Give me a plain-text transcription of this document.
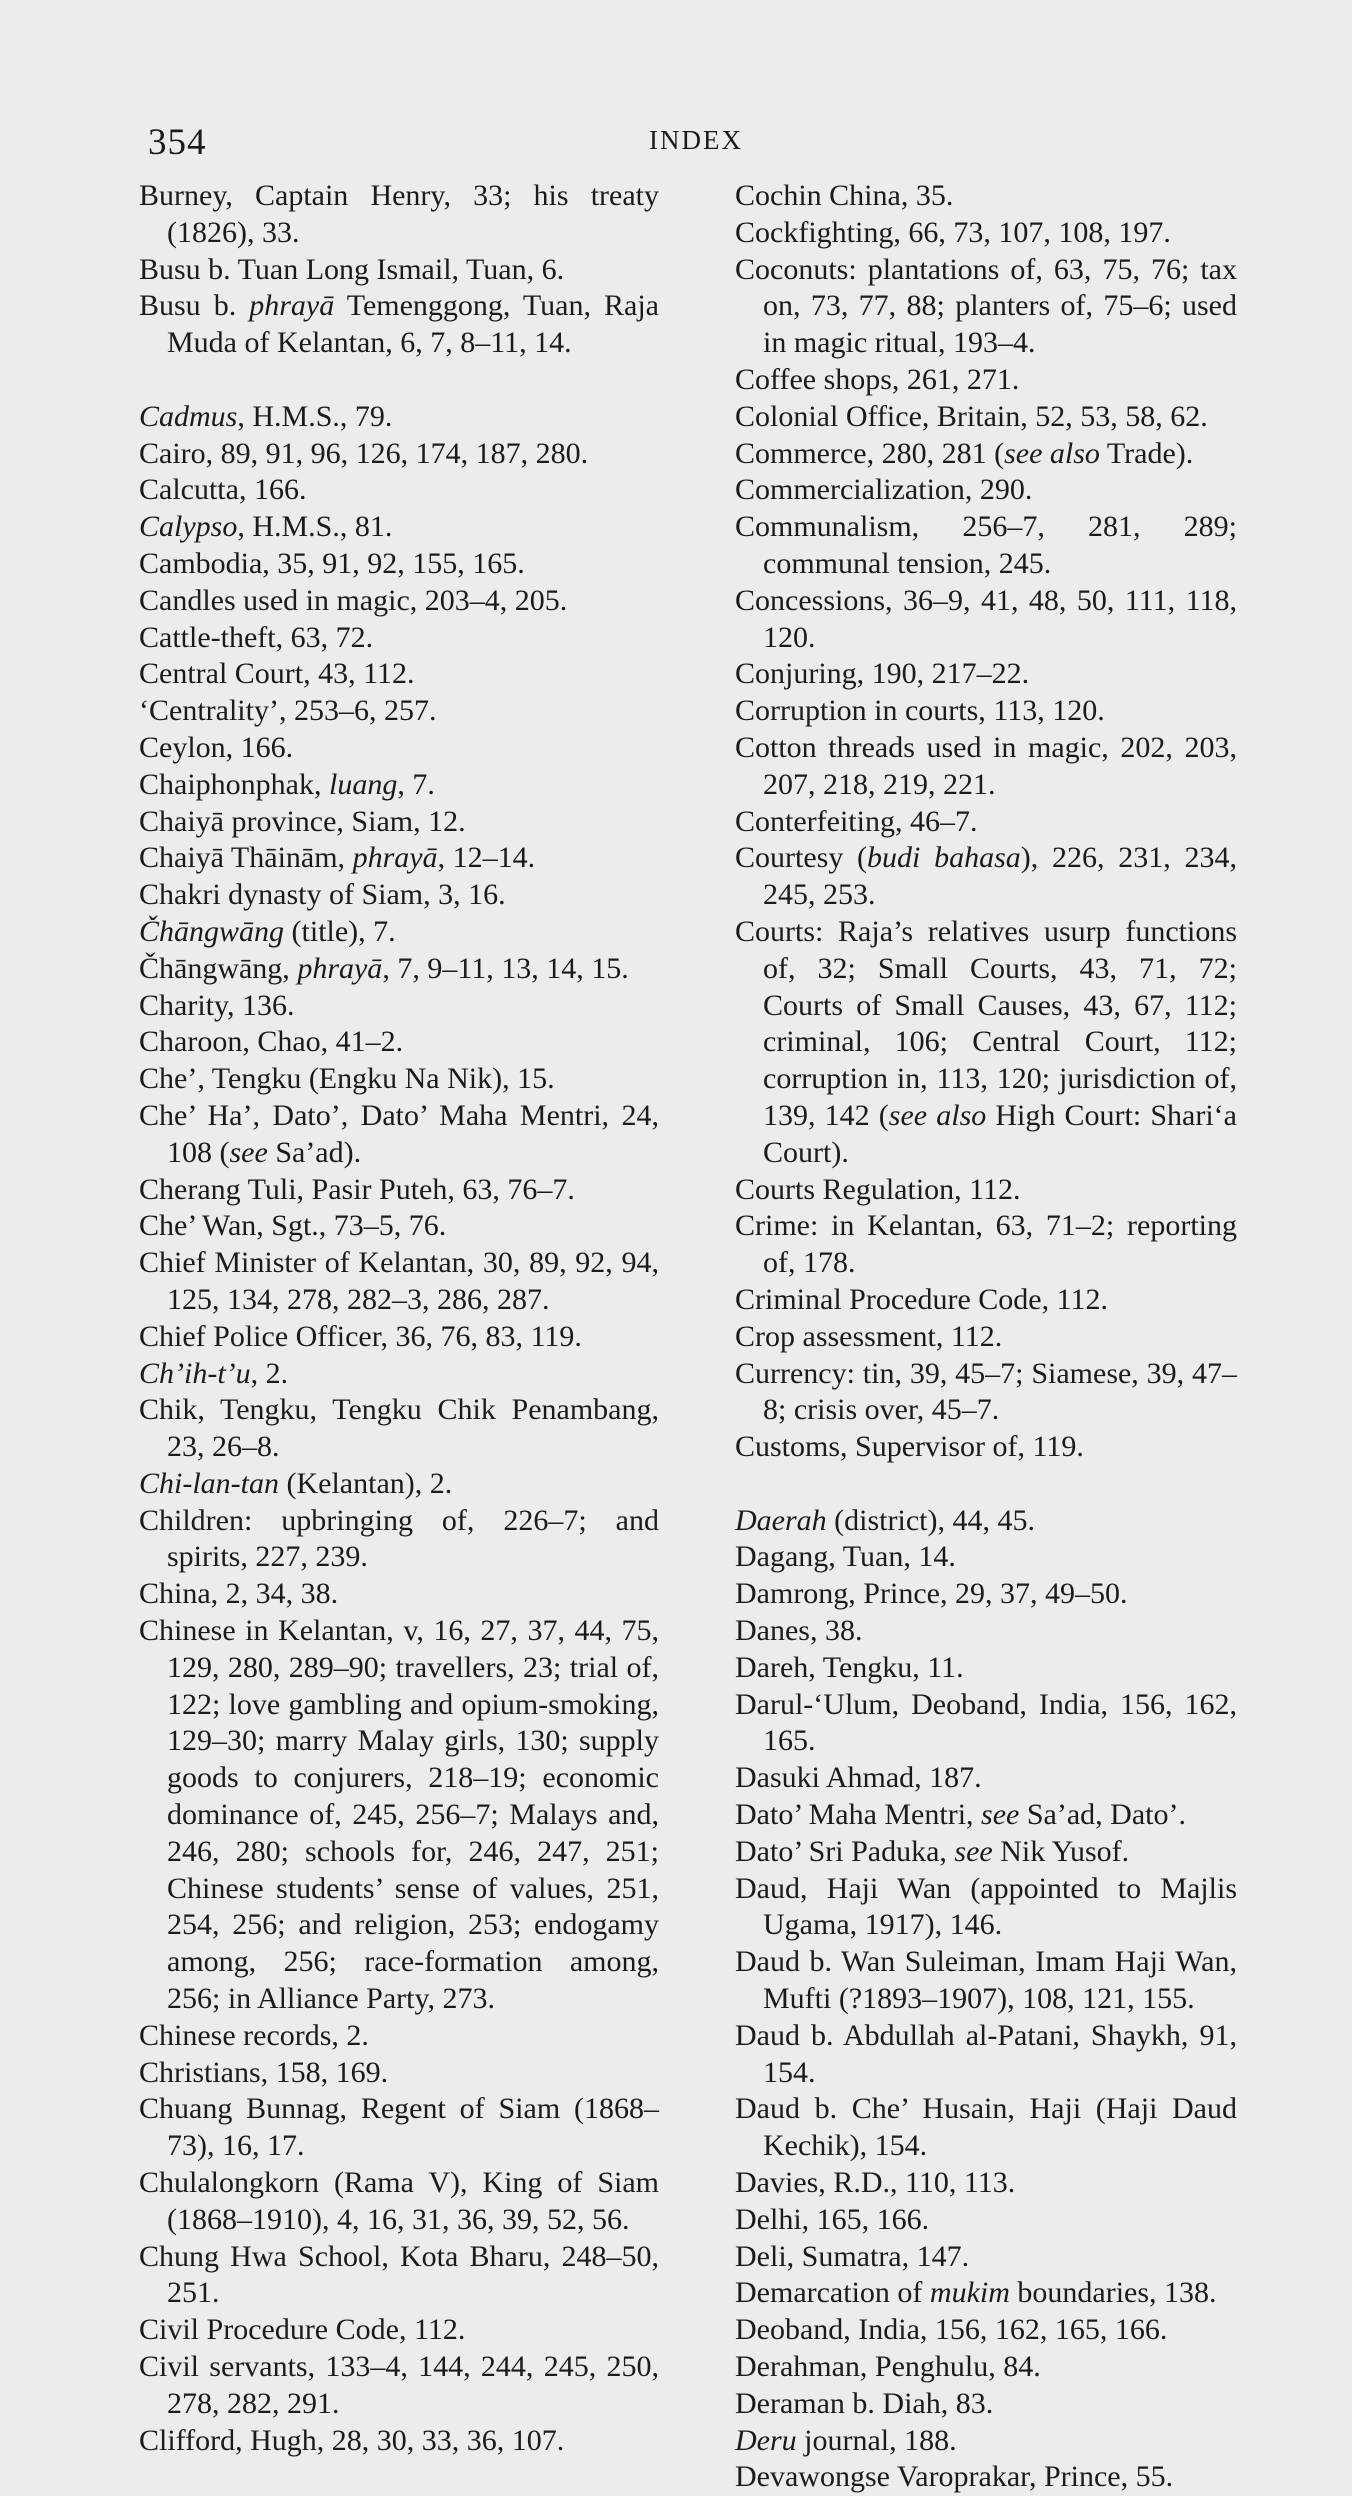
354	INDEX
Burney, Captain Henry, 33; his treaty (1826), 33.
Busu b. Tuan Long Ismail, Tuan, 6.
Busu b. phrayā Temenggong, Tuan, Raja Muda of Kelantan, 6, 7, 8–11, 14.
Cadmus, H.M.S., 79.
Cairo, 89, 91, 96, 126, 174, 187, 280.
Calcutta, 166.
Calypso, H.M.S., 81.
Cambodia, 35, 91, 92, 155, 165.
Candles used in magic, 203–4, 205.
Cattle-theft, 63, 72.
Central Court, 43, 112.
‘Centrality’, 253–6, 257.
Ceylon, 166.
Chaiphonphak, luang, 7.
Chaiyā province, Siam, 12.
Chaiyā Thāinām, phrayā, 12–14.
Chakri dynasty of Siam, 3, 16.
Čhāngwāng (title), 7.
Čhāngwāng, phrayā, 7, 9–11, 13, 14, 15.
Charity, 136.
Charoon, Chao, 41–2.
Che’, Tengku (Engku Na Nik), 15.
Che’ Ha’, Dato’, Dato’ Maha Mentri, 24, 108 (see Sa’ad).
Cherang Tuli, Pasir Puteh, 63, 76–7.
Che’ Wan, Sgt., 73–5, 76.
Chief Minister of Kelantan, 30, 89, 92, 94, 125, 134, 278, 282–3, 286, 287.
Chief Police Officer, 36, 76, 83, 119.
Ch’ih-t’u, 2.
Chik, Tengku, Tengku Chik Penambang, 23, 26–8.
Chi-lan-tan (Kelantan), 2.
Children: upbringing of, 226–7; and spirits, 227, 239.
China, 2, 34, 38.
Chinese in Kelantan, v, 16, 27, 37, 44, 75, 129, 280, 289–90; travellers, 23; trial of, 122; love gambling and opium-smoking, 129–30; marry Malay girls, 130; supply goods to conjurers, 218–19; economic dominance of, 245, 256–7; Malays and, 246, 280; schools for, 246, 247, 251; Chinese students’ sense of values, 251, 254, 256; and religion, 253; endogamy among, 256; race-formation among, 256; in Alliance Party, 273.
Chinese records, 2.
Christians, 158, 169.
Chuang Bunnag, Regent of Siam (1868–73), 16, 17.
Chulalongkorn (Rama V), King of Siam (1868–1910), 4, 16, 31, 36, 39, 52, 56.
Chung Hwa School, Kota Bharu, 248–50, 251.
Civil Procedure Code, 112.
Civil servants, 133–4, 144, 244, 245, 250, 278, 282, 291.
Clifford, Hugh, 28, 30, 33, 36, 107.
Cochin China, 35.
Cockfighting, 66, 73, 107, 108, 197.
Coconuts: plantations of, 63, 75, 76; tax on, 73, 77, 88; planters of, 75–6; used in magic ritual, 193–4.
Coffee shops, 261, 271.
Colonial Office, Britain, 52, 53, 58, 62.
Commerce, 280, 281 (see also Trade).
Commercialization, 290.
Communalism, 256–7, 281, 289; communal tension, 245.
Concessions, 36–9, 41, 48, 50, 111, 118, 120.
Conjuring, 190, 217–22.
Corruption in courts, 113, 120.
Cotton threads used in magic, 202, 203, 207, 218, 219, 221.
Conterfeiting, 46–7.
Courtesy (budi bahasa), 226, 231, 234, 245, 253.
Courts: Raja’s relatives usurp functions of, 32; Small Courts, 43, 71, 72; Courts of Small Causes, 43, 67, 112; criminal, 106; Central Court, 112; corruption in, 113, 120; jurisdiction of, 139, 142 (see also High Court: Shari‘a Court).
Courts Regulation, 112.
Crime: in Kelantan, 63, 71–2; reporting of, 178.
Criminal Procedure Code, 112.
Crop assessment, 112.
Currency: tin, 39, 45–7; Siamese, 39, 47–8; crisis over, 45–7.
Customs, Supervisor of, 119.
Daerah (district), 44, 45.
Dagang, Tuan, 14.
Damrong, Prince, 29, 37, 49–50.
Danes, 38.
Dareh, Tengku, 11.
Darul-‘Ulum, Deoband, India, 156, 162, 165.
Dasuki Ahmad, 187.
Dato’ Maha Mentri, see Sa’ad, Dato’.
Dato’ Sri Paduka, see Nik Yusof.
Daud, Haji Wan (appointed to Majlis Ugama, 1917), 146.
Daud b. Wan Suleiman, Imam Haji Wan, Mufti (?1893–1907), 108, 121, 155.
Daud b. Abdullah al-Patani, Shaykh, 91, 154.
Daud b. Che’ Husain, Haji (Haji Daud Kechik), 154.
Davies, R.D., 110, 113.
Delhi, 165, 166.
Deli, Sumatra, 147.
Demarcation of mukim boundaries, 138.
Deoband, India, 156, 162, 165, 166.
Derahman, Penghulu, 84.
Deraman b. Diah, 83.
Deru journal, 188.
Devawongse Varoprakar, Prince, 55.
